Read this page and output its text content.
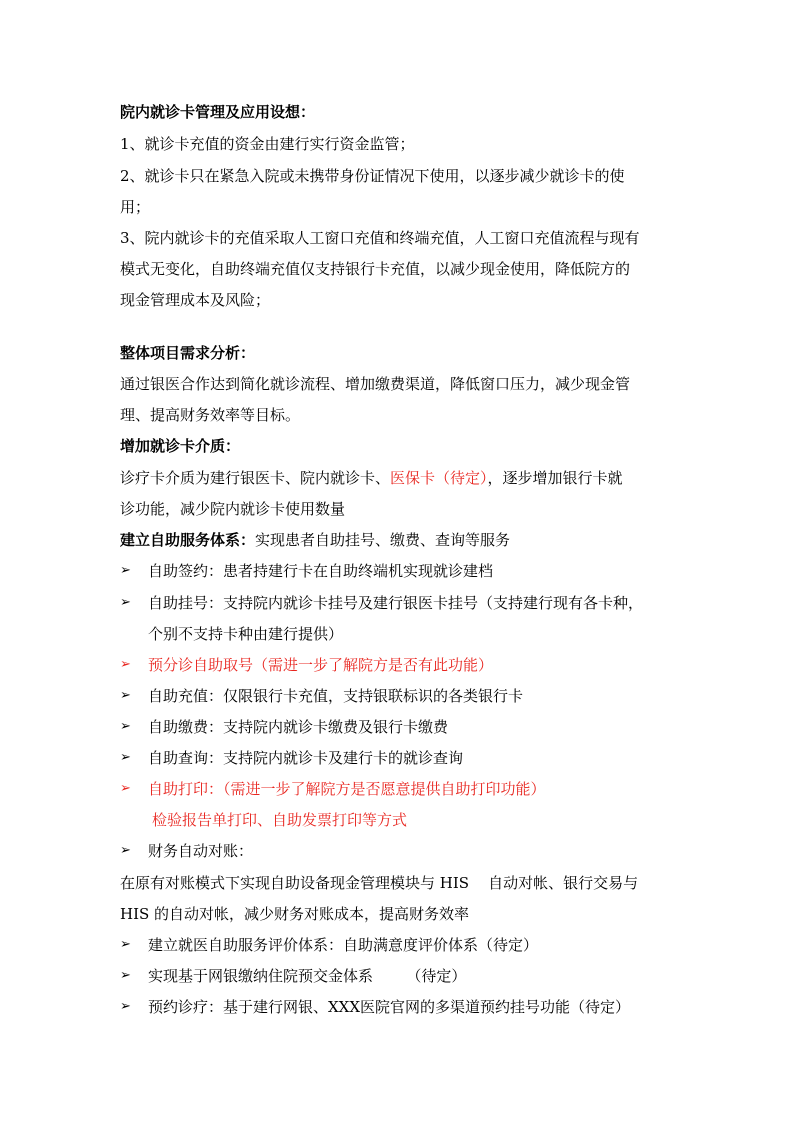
院内就诊卡管理及应用设想：
1、就诊卡充值的资金由建行实行资金监管；
2、就诊卡只在紧急入院或未携带身份证情况下使用，以逐步减少就诊卡的使
用；
3、院内就诊卡的充值采取人工窗口充值和终端充值，人工窗口充值流程与现有
模式无变化，自助终端充值仅支持银行卡充值，以减少现金使用，降低院方的
现金管理成本及风险；
整体项目需求分析：
通过银医合作达到简化就诊流程、增加缴费渠道，降低窗口压力，减少现金管
理、提高财务效率等目标。
增加就诊卡介质：
诊疗卡介质为建行银医卡、院内就诊卡、医保卡（待定），逐步增加银行卡就
诊功能，减少院内就诊卡使用数量
建立自助服务体系：实现患者自助挂号、缴费、查询等服务
➢ 自助签约：患者持建行卡在自助终端机实现就诊建档
➢ 自助挂号：支持院内就诊卡挂号及建行银医卡挂号（支持建行现有各卡种，
个别不支持卡种由建行提供）
➢ 预分诊自助取号（需进一步了解院方是否有此功能）
➢ 自助充值：仅限银行卡充值，支持银联标识的各类银行卡
➢ 自助缴费：支持院内就诊卡缴费及银行卡缴费
➢ 自助查询：支持院内就诊卡及建行卡的就诊查询
➢ 自助打印：（需进一步了解院方是否愿意提供自助打印功能）
检验报告单打印、自助发票打印等方式
➢ 财务自动对账：
在原有对账模式下实现自助设备现金管理模块与 HIS    自动对帐、银行交易与
HIS 的自动对帐，减少财务对账成本，提高财务效率
➢ 建立就医自助服务评价体系：自助满意度评价体系（待定）
➢ 实现基于网银缴纳住院预交金体系       （待定）
➢ 预约诊疗：基于建行网银、XXX医院官网的多渠道预约挂号功能（待定）
